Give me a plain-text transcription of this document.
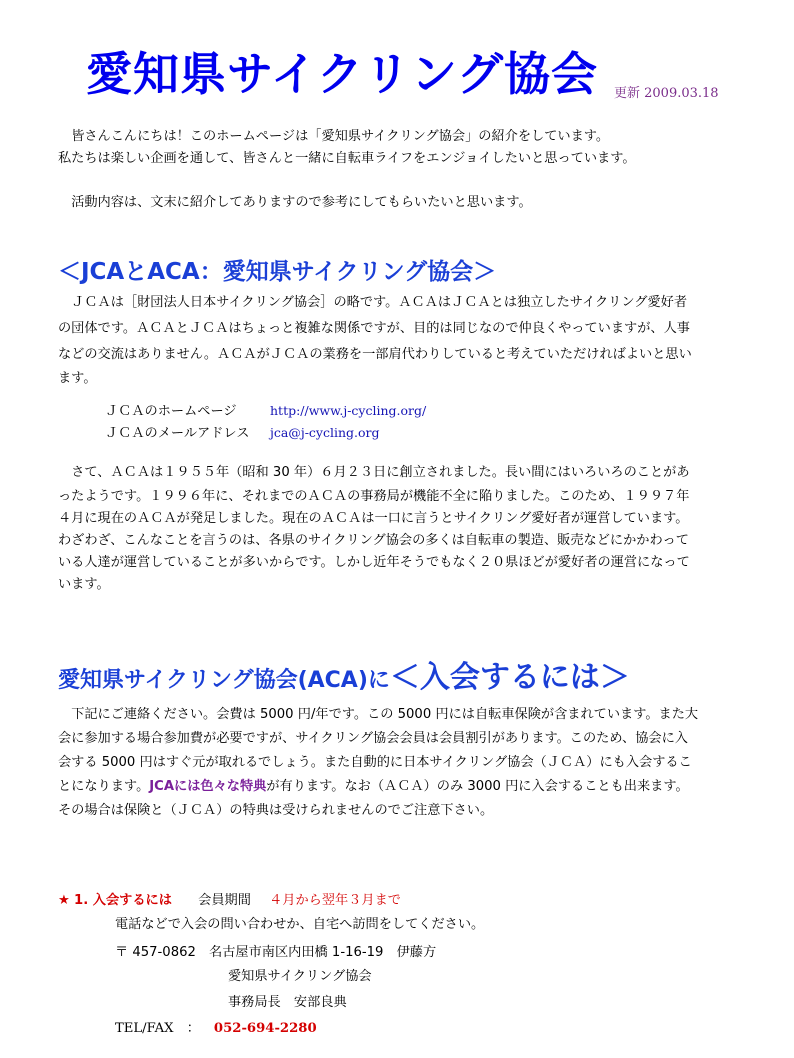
愛知県サイクリング協会 更新 2009.03.18
皆さんこんにちは！このホームページは「愛知県サイクリング協会」の紹介をしています。
私たちは楽しい企画を通して、皆さんと一緒に自転車ライフをエンジョイしたいと思っています。
活動内容は、文末に紹介してありますので参考にしてもらいたいと思います。
＜JCAとACA：愛知県サイクリング協会＞
ＪＣＡは［財団法人日本サイクリング協会］の略です。ＡＣＡはＪＣＡとは独立したサイクリング愛好者
の団体です。ＡＣＡとＪＣＡはちょっと複雑な関係ですが、目的は同じなので仲良くやっていますが、人事
などの交流はありません。ＡＣＡがＪＣＡの業務を一部肩代わりしていると考えていただければよいと思い
ます。
ＪＣＡのホームページ	http://www.j-cycling.org/
ＪＣＡのメールアドレス jca@j-cycling.org
さて、ＡＣＡは１９５５年（昭和 30 年）６月２３日に創立されました。長い間にはいろいろのことがあ
ったようです。１９９６年に、それまでのＡＣＡの事務局が機能不全に陥りました。このため、１９９７年
４月に現在のＡＣＡが発足しました。現在のＡＣＡは一口に言うとサイクリング愛好者が運営しています。
わざわざ、こんなことを言うのは、各県のサイクリング協会の多くは自転車の製造、販売などにかかわって
いる人達が運営していることが多いからです。しかし近年そうでもなく２０県ほどが愛好者の運営になって
います。
愛知県サイクリング協会(ACA)に＜入会するには＞
下記にご連絡ください。会費は 5000 円/年です。この 5000 円には自転車保険が含まれています。また大
会に参加する場合参加費が必要ですが、サイクリング協会会員は会員割引があります。このため、協会に入
会する 5000 円はすぐ元が取れるでしょう。また自動的に日本サイクリング協会（ＪＣＡ）にも入会するこ
とになります。JCAには色々な特典が有ります。なお（ＡＣＡ）のみ 3000 円に入会することも出来ます。
その場合は保険と（ＪＣＡ）の特典は受けられませんのでご注意下さい。
★ 1. 入会するには 会員期間 ４月から翌年３月まで
電話などで入会の問い合わせか、自宅へ訪問をしてください。
〒 457-0862　名古屋市南区内田橋 1-16-19　伊藤方
愛知県サイクリング協会
事務局長　安部良典
TEL/FAX　： 052-694-2280
